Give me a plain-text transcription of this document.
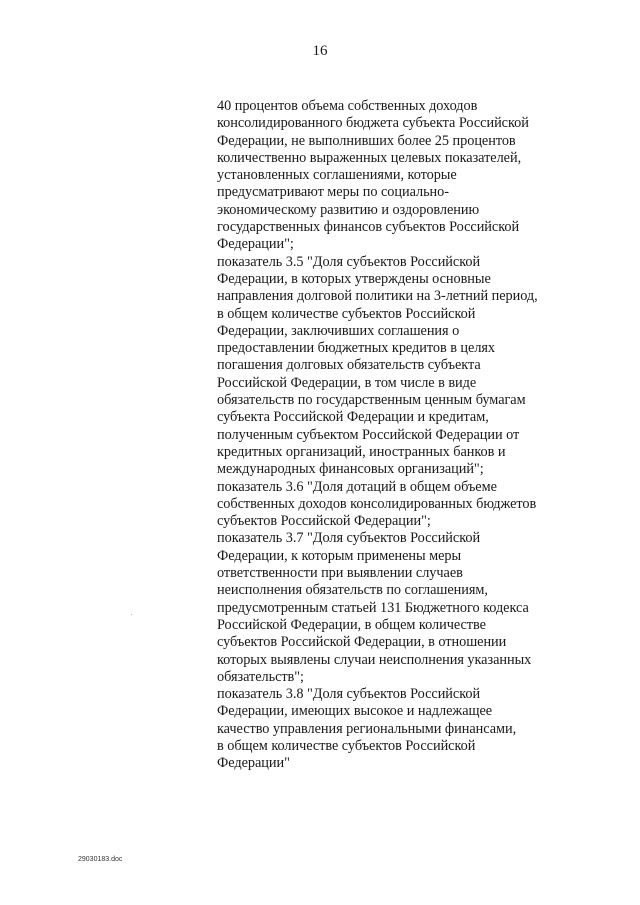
16
40 процентов объема собственных доходов
консолидированного бюджета субъекта Российской
Федерации, не выполнивших более 25 процентов
количественно выраженных целевых показателей,
установленных соглашениями, которые
предусматривают меры по социально-
экономическому развитию и оздоровлению
государственных финансов субъектов Российской
Федерации";
показатель 3.5 "Доля субъектов Российской
Федерации, в которых утверждены основные
направления долговой политики на 3-летний период,
в общем количестве субъектов Российской
Федерации, заключивших соглашения о
предоставлении бюджетных кредитов в целях
погашения долговых обязательств субъекта
Российской Федерации, в том числе в виде
обязательств по государственным ценным бумагам
субъекта Российской Федерации и кредитам,
полученным субъектом Российской Федерации от
кредитных организаций, иностранных банков и
международных финансовых организаций";
показатель 3.6 "Доля дотаций в общем объеме
собственных доходов консолидированных бюджетов
субъектов Российской Федерации";
показатель 3.7 "Доля субъектов Российской
Федерации, к которым применены меры
ответственности при выявлении случаев
неисполнения обязательств по соглашениям,
предусмотренным статьей 131 Бюджетного кодекса
Российской Федерации, в общем количестве
субъектов Российской Федерации, в отношении
которых выявлены случаи неисполнения указанных
обязательств";
показатель 3.8 "Доля субъектов Российской
Федерации, имеющих высокое и надлежащее
качество управления региональными финансами,
в общем количестве субъектов Российской
Федерации"
29030183.doc
